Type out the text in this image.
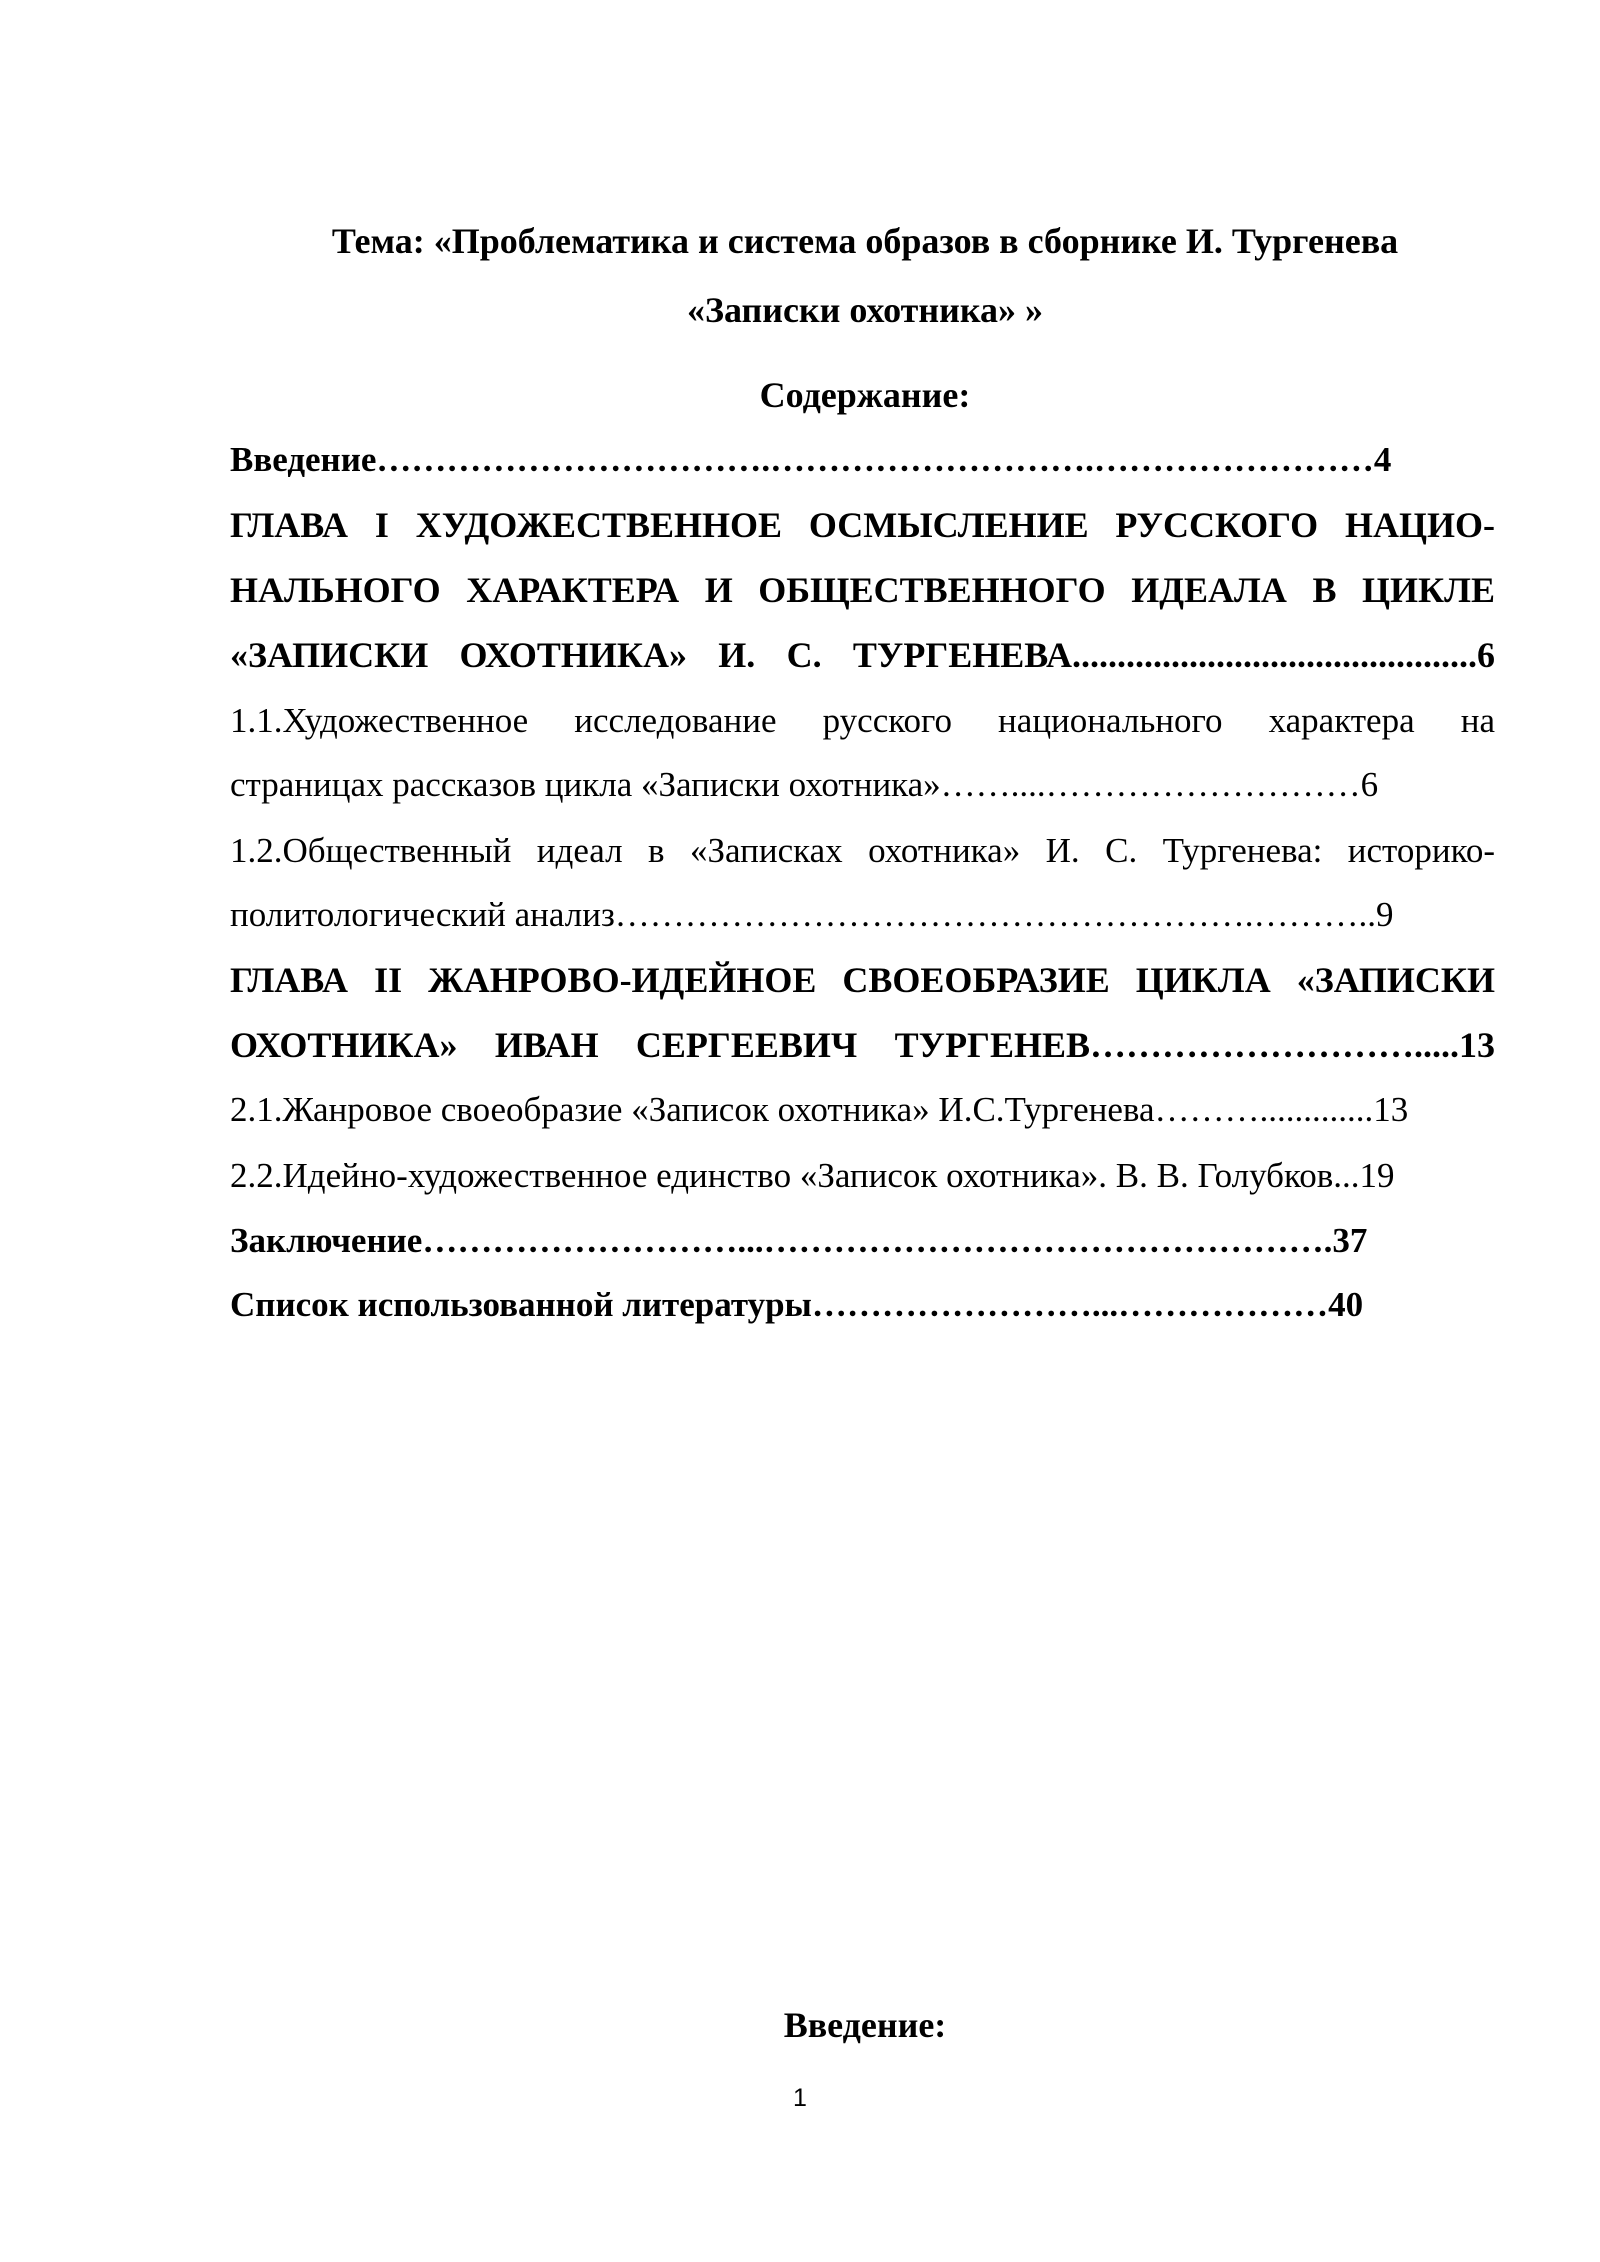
Тема: «Проблематика и система образов в сборнике И. Тургенева
«Записки охотника» »
Содержание:
Введение…………………………….……………………….……………………4
ГЛАВА I ХУДОЖЕСТВЕННОЕ ОСМЫСЛЕНИЕ РУССКОГО НАЦИО-
НАЛЬНОГО ХАРАКТЕРА И ОБЩЕСТВЕННОГО ИДЕАЛА В ЦИКЛЕ
«ЗАПИСКИ ОХОТНИКА» И. С. ТУРГЕНЕВА.............................................6
1.1.Художественное исследование русского национального характера на
страницах рассказов цикла «Записки охотника»……....………………………6
1.2.Общественный идеал в «Записках охотника» И. С. Тургенева: историко-
политологический анализ……………………………………………….………..9
ГЛАВА II ЖАНРОВО-ИДЕЙНОЕ СВОЕОБРАЗИЕ ЦИКЛА «ЗАПИСКИ
ОХОТНИКА» ИВАН СЕРГЕЕВИЧ ТУРГЕНЕВ……………………….....13
2.1.Жанровое своеобразие «Записок охотника» И.С.Тургенева……….............13
2.2.Идейно-художественное единство «Записок охотника». В. В. Голубков...19
Заключение………………………...………………………………………….37
Список использованной литературы……………………...………………40
Введение:
1
